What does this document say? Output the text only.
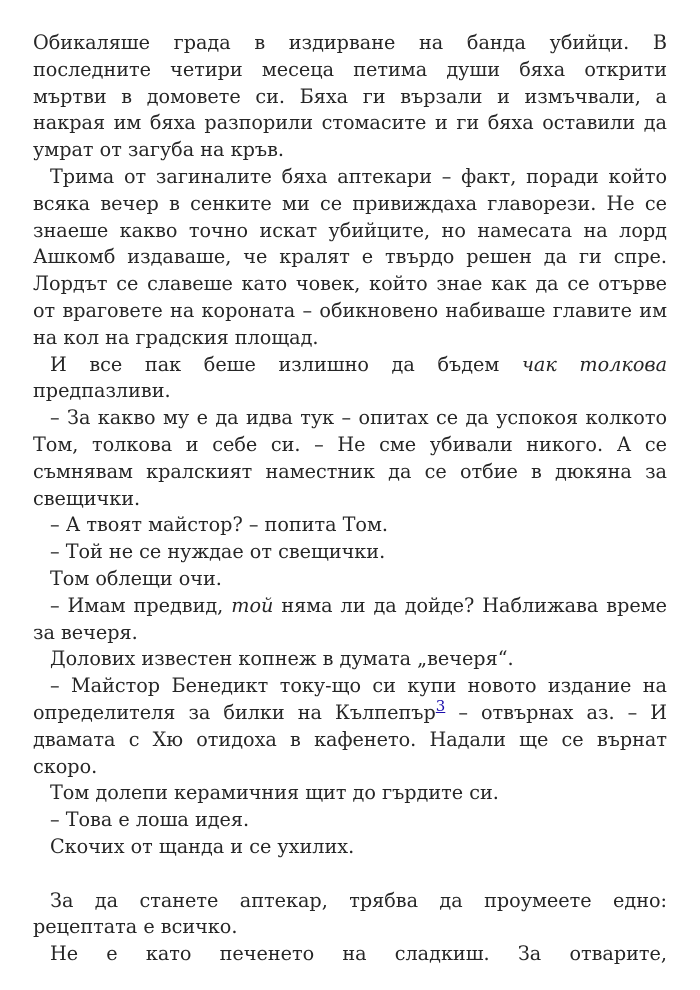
Обикаляше града в издирване на банда убийци. В последните четири месеца петима души бяха открити мъртви в домовете си. Бяха ги вързали и измъчвали, а накрая им бяха разпорили стомасите и ги бяха оставили да умрат от загуба на кръв.

Трима от загиналите бяха аптекари – факт, поради който всяка вечер в сенките ми се привиждаха главорези. Не се знаеше какво точно искат убийците, но намесата на лорд Ашкомб издаваше, че кралят е твърдо решен да ги спре. Лордът се славеше като човек, който знае как да се отърве от враговете на короната – обикновено набиваше главите им на кол на градския площад.

И все пак беше излишно да бъдем чак толкова предпазливи.

– За какво му е да идва тук – опитах се да успокоя колкото Том, толкова и себе си. – Не сме убивали никого. А се съмнявам кралският наместник да се отбие в дюкяна за свещички.

– А твоят майстор? – попита Том.

– Той не се нуждае от свещички.

Том облещи очи.

– Имам предвид, той няма ли да дойде? Наближава време за вечеря.

Долових известен копнеж в думата „вечеря“.

– Майстор Бенедикт току-що си купи новото издание на определителя за билки на Кълпепър$^3$ – отвърнах аз. – И двамата с Хю отидоха в кафенето. Надали ще се върнат скоро.

Том долепи керамичния щит до гърдите си.

– Това е лоша идея.

Скочих от щанда и се ухилих.

За да станете аптекар, трябва да проумеете едно: рецептата е всичко.

Не е като печенето на сладкиш. За отварите,
